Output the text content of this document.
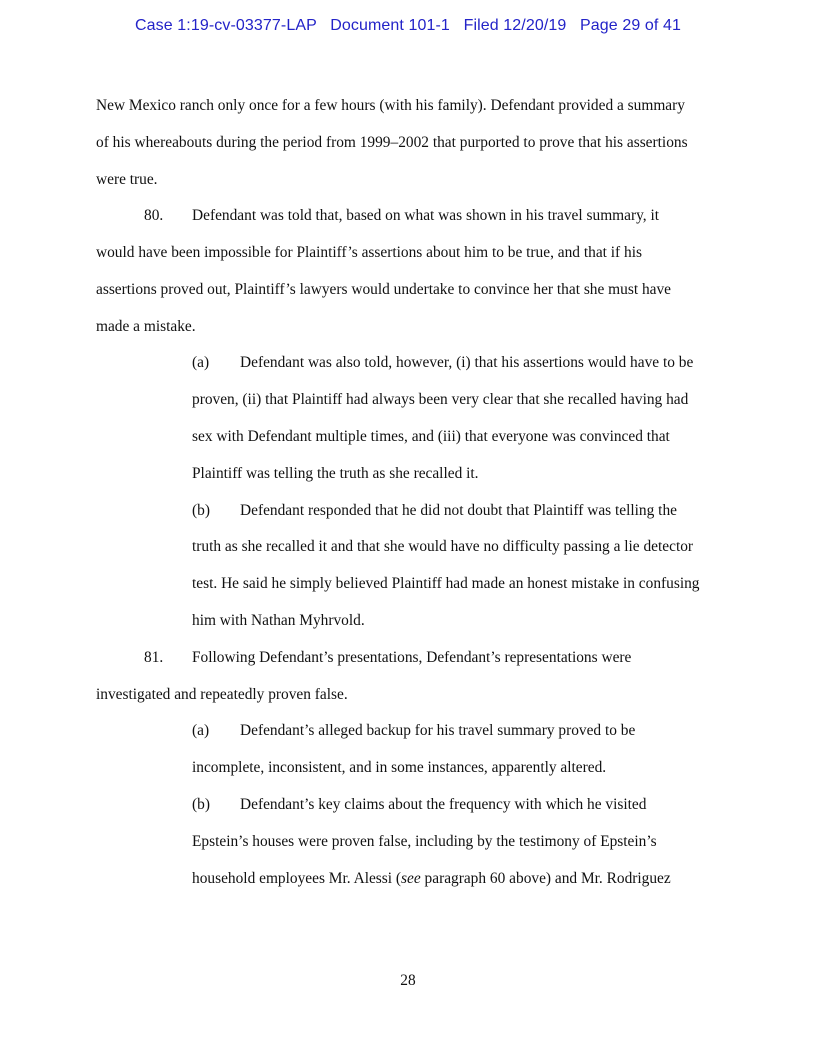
Case 1:19-cv-03377-LAP Document 101-1 Filed 12/20/19 Page 29 of 41
New Mexico ranch only once for a few hours (with his family). Defendant provided a summary
of his whereabouts during the period from 1999–2002 that purported to prove that his assertions
were true.
80. Defendant was told that, based on what was shown in his travel summary, it
would have been impossible for Plaintiff’s assertions about him to be true, and that if his
assertions proved out, Plaintiff’s lawyers would undertake to convince her that she must have
made a mistake.
(a) Defendant was also told, however, (i) that his assertions would have to be
proven, (ii) that Plaintiff had always been very clear that she recalled having had
sex with Defendant multiple times, and (iii) that everyone was convinced that
Plaintiff was telling the truth as she recalled it.
(b) Defendant responded that he did not doubt that Plaintiff was telling the
truth as she recalled it and that she would have no difficulty passing a lie detector
test. He said he simply believed Plaintiff had made an honest mistake in confusing
him with Nathan Myhrvold.
81. Following Defendant’s presentations, Defendant’s representations were
investigated and repeatedly proven false.
(a) Defendant’s alleged backup for his travel summary proved to be
incomplete, inconsistent, and in some instances, apparently altered.
(b) Defendant’s key claims about the frequency with which he visited
Epstein’s houses were proven false, including by the testimony of Epstein’s
household employees Mr. Alessi (see paragraph 60 above) and Mr. Rodriguez
28
